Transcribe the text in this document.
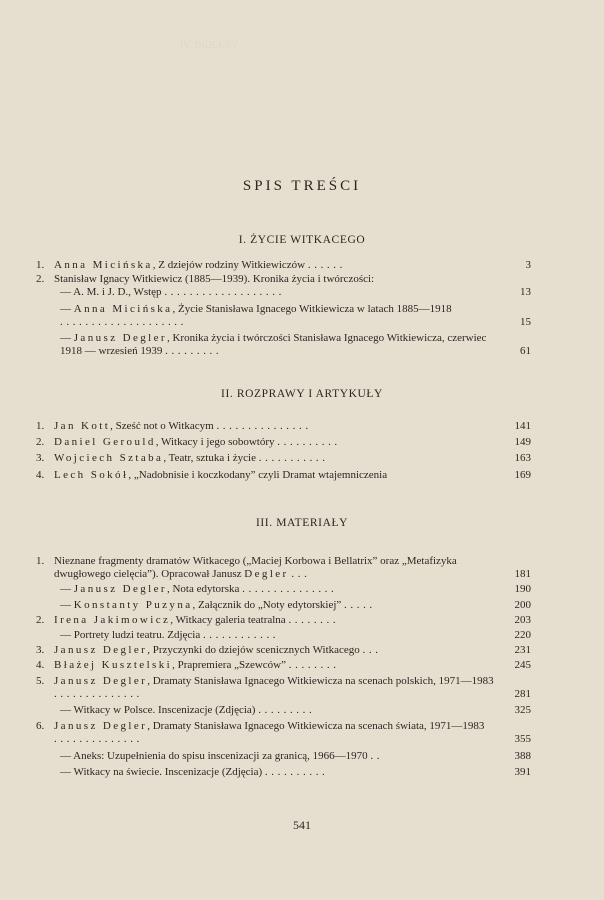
IV. INDEKSY
SPIS TREŚCI
I. ŻYCIE WITKACEGO
1. Anna Micińska, Z dziejów rodziny Witkiewiczów ......	3
2. Stanisław Ignacy Witkiewicz (1885—1939). Kronika życia i twórczości:
— A. M. i J. D., Wstęp ...................	13
— Anna Micińska, Życie Stanisława Ignacego Witkiewicza w latach 1885—1918 ....................	15
— Janusz Degler, Kronika życia i twórczości Stanisława Ignacego Witkiewicza, czerwiec 1918 — wrzesień 1939 .........	61
II. ROZPRAWY I ARTYKUŁY
1. Jan Kott, Sześć not o Witkacym ...............	141
2. Daniel Gerould, Witkacy i jego sobowtóry ..........	149
3. Wojciech Sztaba, Teatr, sztuka i życie ...........	163
4. Lech Sokół, „Nadobnisie i koczkodany” czyli Dramat wtajemniczenia	169
III. MATERIAŁY
1. Nieznane fragmenty dramatów Witkacego („Maciej Korbowa i Bellatrix” oraz „Metafizyka dwugłowego cielęcia”). Opracował Janusz Degler ...	181
— Janusz Degler, Nota edytorska ...............	190
— Konstanty Puzyna, Załącznik do „Noty edytorskiej” .....	200
2. Irena Jakimowicz, Witkacy galeria teatralna ........	203
— Portrety ludzi teatru. Zdjęcia ............	220
3. Janusz Degler, Przyczynki do dziejów scenicznych Witkacego ...	231
4. Błażej Kusztelski, Prapremiera „Szewców” ........	245
5. Janusz Degler, Dramaty Stanisława Ignacego Witkiewicza na scenach polskich, 1971—1983 ..............	281
— Witkacy w Polsce. Inscenizacje (Zdjęcia) .........	325
6. Janusz Degler, Dramaty Stanisława Ignacego Witkiewicza na scenach świata, 1971—1983 ..............	355
— Aneks: Uzupełnienia do spisu inscenizacji za granicą, 1966—1970 ..	388
— Witkacy na świecie. Inscenizacje (Zdjęcia) ..........	391
541
